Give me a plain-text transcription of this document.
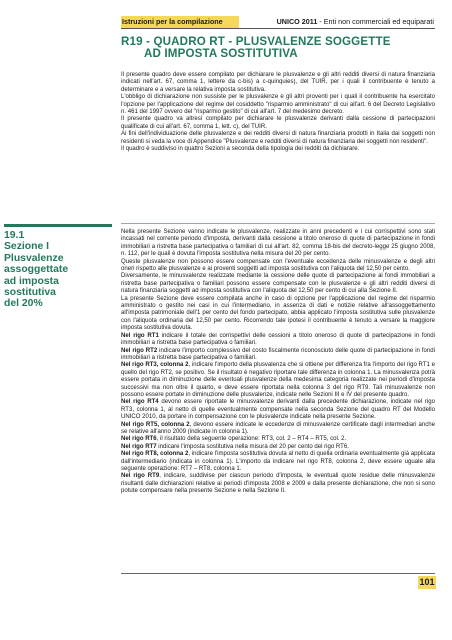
Istruzioni per la compilazione	UNICO 2011 - Enti non commerciali ed equiparati
R19 - QUADRO RT - PLUSVALENZE SOGGETTE
AD IMPOSTA SOSTITUTIVA

Il presente quadro deve essere compilato per dichiarare le plusvalenze e gli altri redditi diversi di natura finanziaria indicati nell'art. 67, comma 1, lettere da c-bis) a c-quinquies), del TUIR, per i quali il contribuente è tenuto a determinare e a versare la relativa imposta sostitutiva.

L'obbligo di dichiarazione non sussiste per le plusvalenze e gli altri proventi per i quali il contribuente ha esercitato l'opzione per l'applicazione del regime del cosiddetto "risparmio amministrato" di cui all'art. 6 del Decreto Legislativo n. 461 del 1997 ovvero del "risparmio gestito" di cui all'art. 7 del medesimo decreto.

Il presente quadro va altresì compilato per dichiarare le plusvalenze derivanti dalla cessione di partecipazioni qualificate di cui all'art. 67, comma 1, lett. c), del TUIR.

Ai fini dell'individuazione delle plusvalenze e dei redditi diversi di natura finanziaria prodotti in Italia dai soggetti non residenti si veda la voce di Appendice "Plusvalenze e redditi diversi di natura finanziaria dei soggetti non residenti".

Il quadro è suddiviso in quattro Sezioni a seconda della tipologia dei redditi da dichiarare.

19.1
Sezione I
Plusvalenze
assoggettate
ad imposta
sostitutiva
del 20%

Nella presente Sezione vanno indicate le plusvalenze, realizzate in anni precedenti e i cui corrispettivi sono stati incassati nel corrente periodo d'imposta, derivanti dalla cessione a titolo oneroso di quote di partecipazione in fondi immobiliari a ristretta base partecipativa o familiari di cui all'art. 82, comma 18-bis del decreto-legge 25 giugno 2008, n. 112, per le quali è dovuta l'imposta sostitutiva nella misura del 20 per cento.

Queste plusvalenze non possono essere compensate con l'eventuale eccedenza delle minusvalenze e degli altri oneri rispetto alle plusvalenze e ai proventi soggetti ad imposta sostitutiva con l'aliquota del 12,50 per cento.

Diversamente, le minusvalenze realizzate mediante la cessione delle quote di partecipazione ai fondi immobiliari a ristretta base partecipativa o familiari possono essere compensate con le plusvalenze e gli altri redditi diversi di natura finanziaria soggetti ad imposta sostitutiva con l'aliquota del 12,50 per cento di cui alla Sezione II.

La presente Sezione deve essere compilata anche in caso di opzione per l'applicazione del regime del risparmio amministrato o gestito nei casi in cui l'intermediario, in assenza di dati e notizie relative all'assoggettamento all'imposta patrimoniale dell'1 per cento del fondo partecipato, abbia applicato l'imposta sostitutiva sulle plusvalenze con l'aliquota ordinaria del 12,50 per cento. Ricorrendo tale ipotesi il contribuente è tenuto a versare la maggiore imposta sostitutiva dovuta.

Nel rigo RT1 indicare il totale dei corrispettivi delle cessioni a titolo oneroso di quote di partecipazione in fondi immobiliari a ristretta base partecipativa o familiari.

Nel rigo RT2 indicare l'importo complessivo del costo fiscalmente riconosciuto delle quote di partecipazione in fondi immobiliari a ristretta base partecipativa o familiari.

Nel rigo RT3, colonna 2, indicare l'importo della plusvalenza che si ottiene per differenza fra l'importo del rigo RT1 e quello del rigo RT2, se positivo. Se il risultato è negativo riportare tale differenza in colonna 1. La minusvalenza potrà essere portata in diminuzione delle eventuali plusvalenze della medesima categoria realizzate nei periodi d'imposta successivi ma non oltre il quarto, e deve essere riportata nella colonna 3 del rigo RT9. Tali minusvalenze non possono essere portate in diminuzione delle plusvalenze, indicate nelle Sezioni III e IV del presente quadro.

Nel rigo RT4 devono essere riportate le minusvalenze derivanti dalla precedente dichiarazione, indicate nel rigo RT3, colonna 1, al netto di quelle eventualmente compensate nella seconda Sezione del quadro RT del Modello UNICO 2010, da portare in compensazione con le plusvalenze indicate nella presente Sezione.

Nel rigo RT5, colonna 2, devono essere indicate le eccedenze di minusvalenze certificate dagli intermediari anche se relative all'anno 2009 (indicate in colonna 1).

Nel rigo RT6, il risultato della seguente operazione: RT3, col. 2 – RT4 – RT5, col. 2.

Nel rigo RT7 indicare l'imposta sostitutiva nella misura del 20 per cento del rigo RT6.

Nel rigo RT8, colonna 2, indicare l'imposta sostitutiva dovuta al netto di quella ordinaria eventualmente già applicata dall'intermediario (indicata in colonna 1). L'importo da indicare nel rigo RT8, colonna 2, deve essere uguale alla seguente operazione: RT7 – RT8, colonna 1.

Nel rigo RT9, indicare, suddivise per ciascun periodo d'imposta, le eventuali quote residue delle minusvalenze risultanti dalle dichiarazioni relative ai periodi d'imposta 2008 e 2009 e dalla presente dichiarazione, che non si sono potute compensare nella presente Sezione e nella Sezione II.

101
